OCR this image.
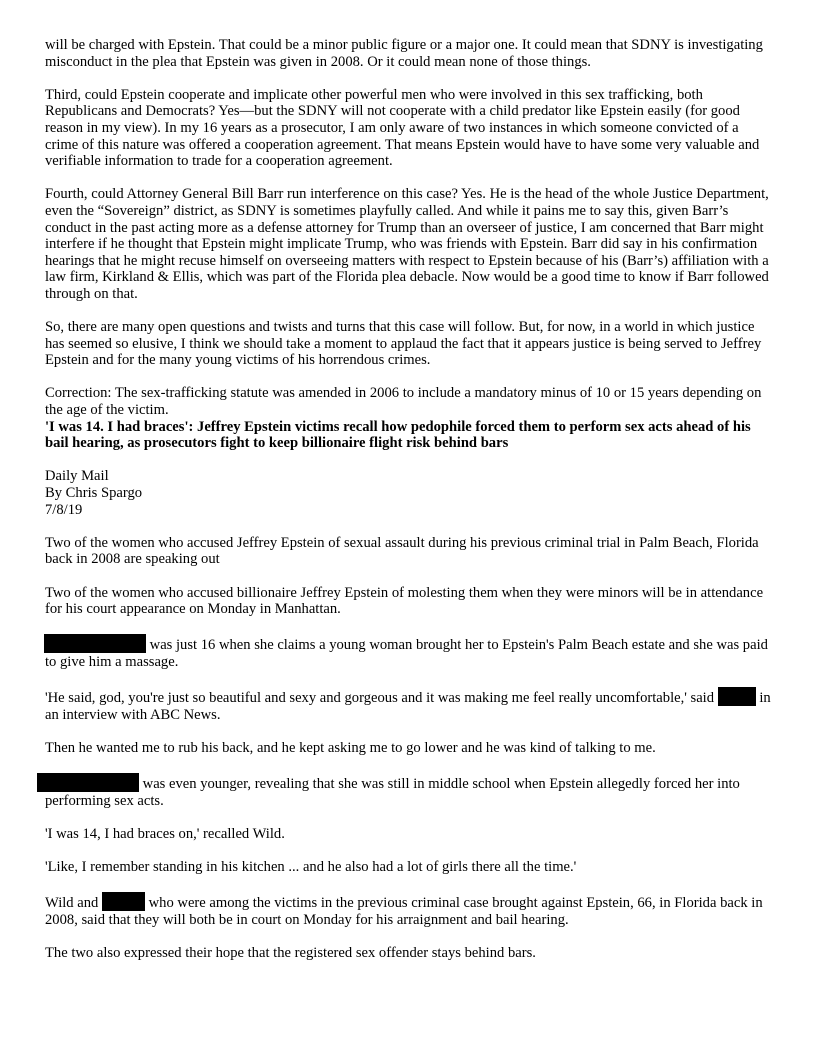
will be charged with Epstein. That could be a minor public figure or a major one. It could mean that SDNY is investigating misconduct in the plea that Epstein was given in 2008. Or it could mean none of those things.

Third, could Epstein cooperate and implicate other powerful men who were involved in this sex trafficking, both Republicans and Democrats? Yes—but the SDNY will not cooperate with a child predator like Epstein easily (for good reason in my view). In my 16 years as a prosecutor, I am only aware of two instances in which someone convicted of a crime of this nature was offered a cooperation agreement. That means Epstein would have to have some very valuable and verifiable information to trade for a cooperation agreement.

Fourth, could Attorney General Bill Barr run interference on this case? Yes. He is the head of the whole Justice Department, even the “Sovereign” district, as SDNY is sometimes playfully called. And while it pains me to say this, given Barr’s conduct in the past acting more as a defense attorney for Trump than an overseer of justice, I am concerned that Barr might interfere if he thought that Epstein might implicate Trump, who was friends with Epstein. Barr did say in his confirmation hearings that he might recuse himself on overseeing matters with respect to Epstein because of his (Barr’s) affiliation with a law firm, Kirkland & Ellis, which was part of the Florida plea debacle. Now would be a good time to know if Barr followed through on that.

So, there are many open questions and twists and turns that this case will follow. But, for now, in a world in which justice has seemed so elusive, I think we should take a moment to applaud the fact that it appears justice is being served to Jeffrey Epstein and for the many young victims of his horrendous crimes.

Correction: The sex-trafficking statute was amended in 2006 to include a mandatory minus of 10 or 15 years depending on the age of the victim.

'I was 14. I had braces': Jeffrey Epstein victims recall how pedophile forced them to perform sex acts ahead of his bail hearing, as prosecutors fight to keep billionaire flight risk behind bars

Daily Mail
By Chris Spargo
7/8/19

Two of the women who accused Jeffrey Epstein of sexual assault during his previous criminal trial in Palm Beach, Florida back in 2008 are speaking out

Two of the women who accused billionaire Jeffrey Epstein of molesting them when they were minors will be in attendance for his court appearance on Monday in Manhattan.

was just 16 when she claims a young woman brought her to Epstein's Palm Beach estate and she was paid to give him a massage.

'He said, god, you're just so beautiful and sexy and gorgeous and it was making me feel really uncomfortable,' said	in an interview with ABC News.

Then he wanted me to rub his back, and he kept asking me to go lower and he was kind of talking to me.

was even younger, revealing that she was still in middle school when Epstein allegedly forced her into performing sex acts.

'I was 14, I had braces on,' recalled Wild.

'Like, I remember standing in his kitchen ... and he also had a lot of girls there all the time.'

Wild and	who were among the victims in the previous criminal case brought against Epstein, 66, in Florida back in 2008, said that they will both be in court on Monday for his arraignment and bail hearing.

The two also expressed their hope that the registered sex offender stays behind bars.
